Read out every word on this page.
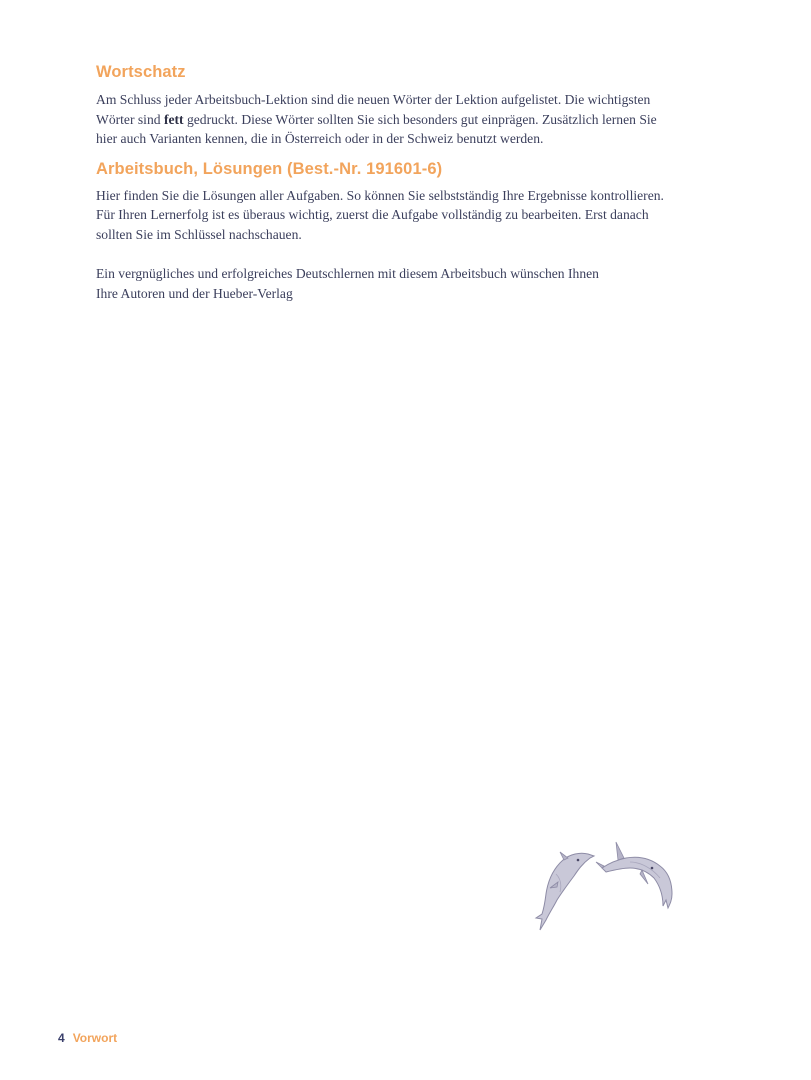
Wortschatz

Am Schluss jeder Arbeitsbuch-Lektion sind die neuen Wörter der Lektion aufgelistet. Die wichtigsten
Wörter sind fett gedruckt. Diese Wörter sollten Sie sich besonders gut einprägen. Zusätzlich lernen Sie
hier auch Varianten kennen, die in Österreich oder in der Schweiz benutzt werden.

Arbeitsbuch, Lösungen (Best.-Nr. 191601-6)

Hier finden Sie die Lösungen aller Aufgaben. So können Sie selbstständig Ihre Ergebnisse kontrollieren.
Für Ihren Lernerfolg ist es überaus wichtig, zuerst die Aufgabe vollständig zu bearbeiten. Erst danach
sollten Sie im Schlüssel nachschauen.

Ein vergnügliches und erfolgreiches Deutschlernen mit diesem Arbeitsbuch wünschen Ihnen
Ihre Autoren und der Hueber-Verlag

4 Vorwort
